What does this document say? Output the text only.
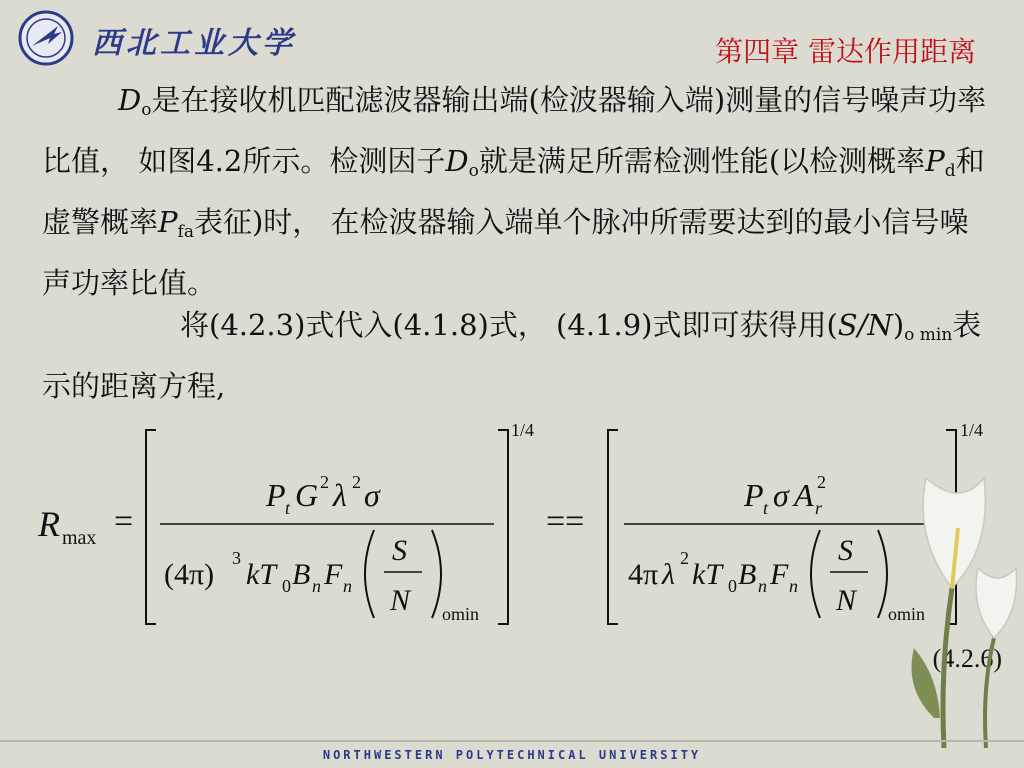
西北工业大学	第四章 雷达作用距离
$D_o$是在接收机匹配滤波器输出端(检波器输入端)测量的信号噪声功率比值， 如图4.2所示。检测因子$D_o$就是满足所需检测性能(以检测概率$P_d$和虚警概率$P_{fa}$表征)时， 在检波器输入端单个脉冲所需要达到的最小信号噪声功率比值。
将(4.2.3)式代入(4.1.8)式， (4.1.9)式即可获得用$(S/N)_{o min}$表示的距离方程,
R max =
1/4
P t G 2 λ 2 σ
(4π) 3 kT 0 B n F n
S
N omin
==
1/4
P t σ A 2
r
4π λ 2 kT 0 B n F n
S
N omin
(4.2.6)
NORTHWESTERN POLYTECHNICAL UNIVERSITY
